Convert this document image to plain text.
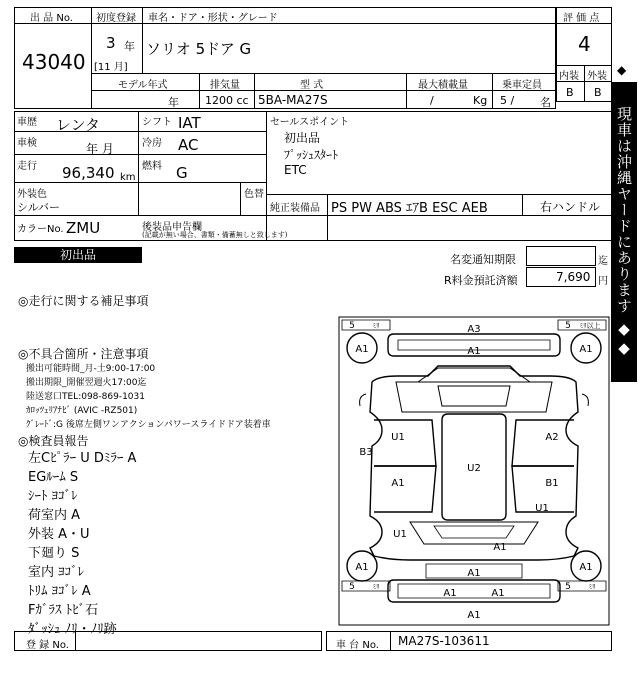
出 品 No.
43040
初度登録
3 年
[11 月]
車名・ドア・形状・グレード
ソリオ 5ドア G
評 価 点
4
内装 外装
B B
モデル年式
年
排気量
1200 cc
型 式
5BA-MA27S
最大積載量
/	Kg
乗車定員
5 / 名
車歴 レンタ	シフト IAT
車検	年 月	冷房 AC
走行 96,340 km
燃料 G
外装色
シルバー
色替
カラーNo. ZMU	後装品申告欄
(記載が無い場合、書類・備蓄無しと致します)
セールスポイント
初出品
ﾌﾟｯｼｭｽﾀｰﾄ
ETC
純正装備品 PS PW ABS ｴｱB ESC AEB	右ハンドル
◆
現車は沖縄ヤードにあります ◆◆
初出品	名変通知期限	迄
R料金預託済額	7,690 円
◎走行に関する補足事項
◎不具合箇所・注意事項
搬出可能時間_月-土9:00-17:00
搬出期限_開催翌週火17:00迄
陸送窓口TEL:098-869-1031
ｶﾛｯﾂｪﾘｱﾅﾋﾞ (AVIC -RZ501)
ｸﾞﾚｰﾄﾞ:G 後席左側ワンアクションパワースライドドア装着車
◎検査員報告
左Cﾋﾟﾗｰ U Dﾐﾗｰ A
EGﾙｰﾑ S
ｼｰﾄ ﾖｺﾞﾚ
荷室内 A
外装 A・U
下廻り S
室内 ﾖｺﾞﾚ
ﾄﾘﾑ ﾖｺﾞﾚ A
Fｶﾞﾗｽ ﾄﾋﾞ石
ﾀﾞｯｼｭ ﾉﾘ・ﾉﾘ跡
5	ﾐﾘ	5 ﾐﾘ以上
5	ﾐﾘ	5	ﾐﾘ
A3
A1	A1
A1
B3
U1	A2
U2
A1	B1
U1
U1
A1
A1	A1
A1
A1	A1
A1
登 録 No.	車 台 No. MA27S-103611
